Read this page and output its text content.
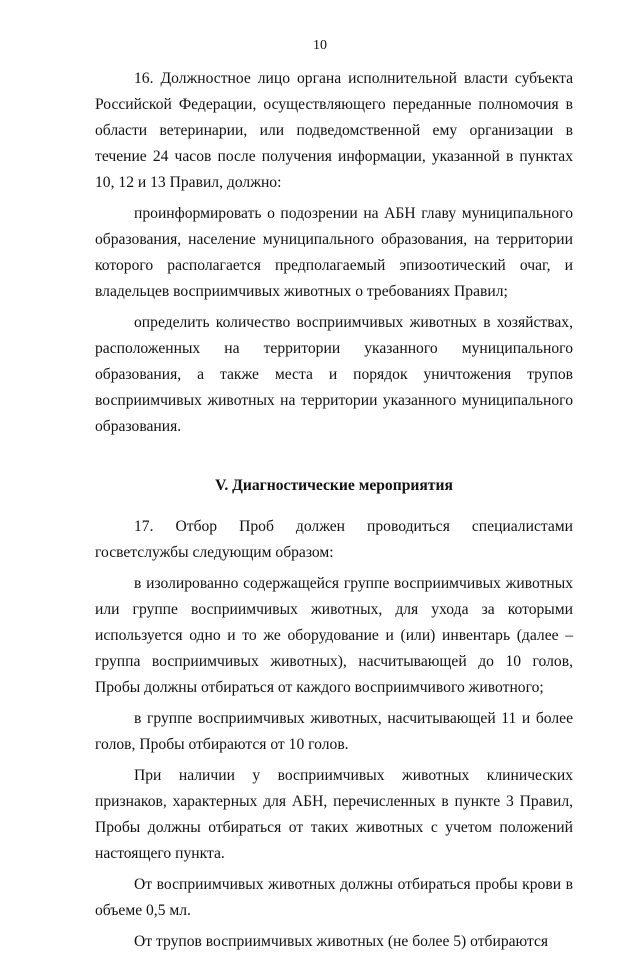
10

16. Должностное лицо органа исполнительной власти субъекта Российской Федерации, осуществляющего переданные полномочия в области ветеринарии, или подведомственной ему организации в течение 24 часов после получения информации, указанной в пунктах 10, 12 и 13 Правил, должно:

проинформировать о подозрении на АБН главу муниципального образования, население муниципального образования, на территории которого располагается предполагаемый эпизоотический очаг, и владельцев восприимчивых животных о требованиях Правил;

определить количество восприимчивых животных в хозяйствах, расположенных на территории указанного муниципального образования, а также места и порядок уничтожения трупов восприимчивых животных на территории указанного муниципального образования.

V. Диагностические мероприятия

17. Отбор Проб должен проводиться специалистами госветслужбы следующим образом:

в изолированно содержащейся группе восприимчивых животных или группе восприимчивых животных, для ухода за которыми используется одно и то же оборудование и (или) инвентарь (далее – группа восприимчивых животных), насчитывающей до 10 голов, Пробы должны отбираться от каждого восприимчивого животного;

в группе восприимчивых животных, насчитывающей 11 и более голов, Пробы отбираются от 10 голов.

При наличии у восприимчивых животных клинических признаков, характерных для АБН, перечисленных в пункте 3 Правил, Пробы должны отбираться от таких животных с учетом положений настоящего пункта.

От восприимчивых животных должны отбираться пробы крови в объеме 0,5 мл.

От трупов восприимчивых животных (не более 5) отбираются
